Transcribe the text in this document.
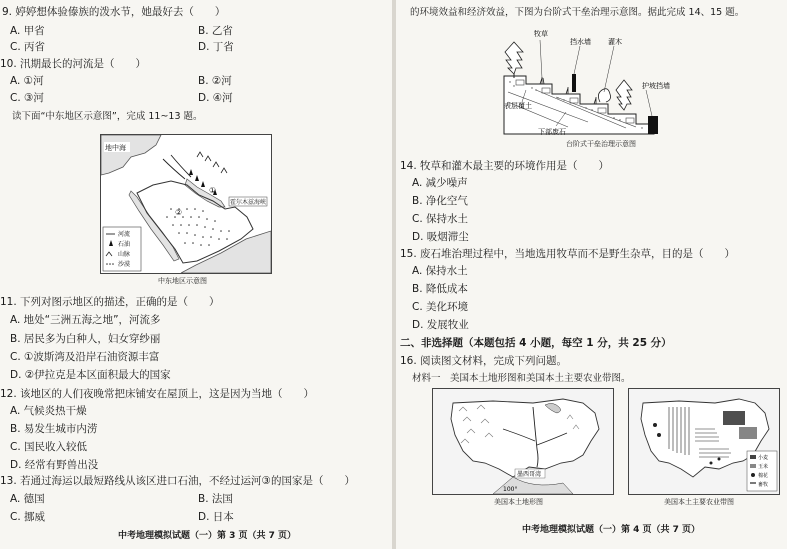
9. 婷婷想体验傣族的泼水节，她最好去（　　）
A. 甲省	B. 乙省
C. 丙省	D. 丁省
10. 汛期最长的河流是（　　）
A. ①河	B. ②河
C. ③河	D. ④河
读下面“中东地区示意图”，完成 11~13 题。
地中海
①
②
霍尔木兹海峡
河流
石油
山脉
沙漠
中东地区示意图
11. 下列对图示地区的描述，正确的是（　　）
A. 地处“三洲五海之地”，河流多
B. 居民多为白种人，妇女穿纱丽
C. ①波斯湾及沿岸石油资源丰富
D. ②伊拉克是本区面积最大的国家
12. 该地区的人们夜晚常把床铺安在屋顶上，这是因为当地（　　）
A. 气候炎热干燥
B. 易发生城市内涝
C. 国民收入较低
D. 经常有野兽出没
13. 若通过海运以最短路线从该区进口石油，不经过运河③的国家是（　　）
A. 德国	B. 法国
C. 挪威	D. 日本
中考地理模拟试题（一）第 3 页（共 7 页）
的环境效益和经济效益，下图为台阶式干垒治理示意图。据此完成 14、15 题。
牧草
挡水墙 灌木
护坡挡墙
表层覆土
下部废石
台阶式干垒治理示意图
14. 牧草和灌木最主要的环境作用是（　　）
A. 减少噪声
B. 净化空气
C. 保持水土
D. 吸烟滞尘
15. 废石堆治理过程中，当地选用牧草而不是野生杂草，目的是（　　）
A. 保持水土
B. 降低成本
C. 美化环境
D. 发展牧业
二、非选择题（本题包括 4 小题，每空 1 分，共 25 分）
16. 阅读图文材料，完成下列问题。
材料一　美国本土地形图和美国本土主要农业带图。
墨西哥湾
100°
美国本土地形图
小麦
玉米
棉花
畜牧
美国本土主要农业带图
中考地理模拟试题（一）第 4 页（共 7 页）
